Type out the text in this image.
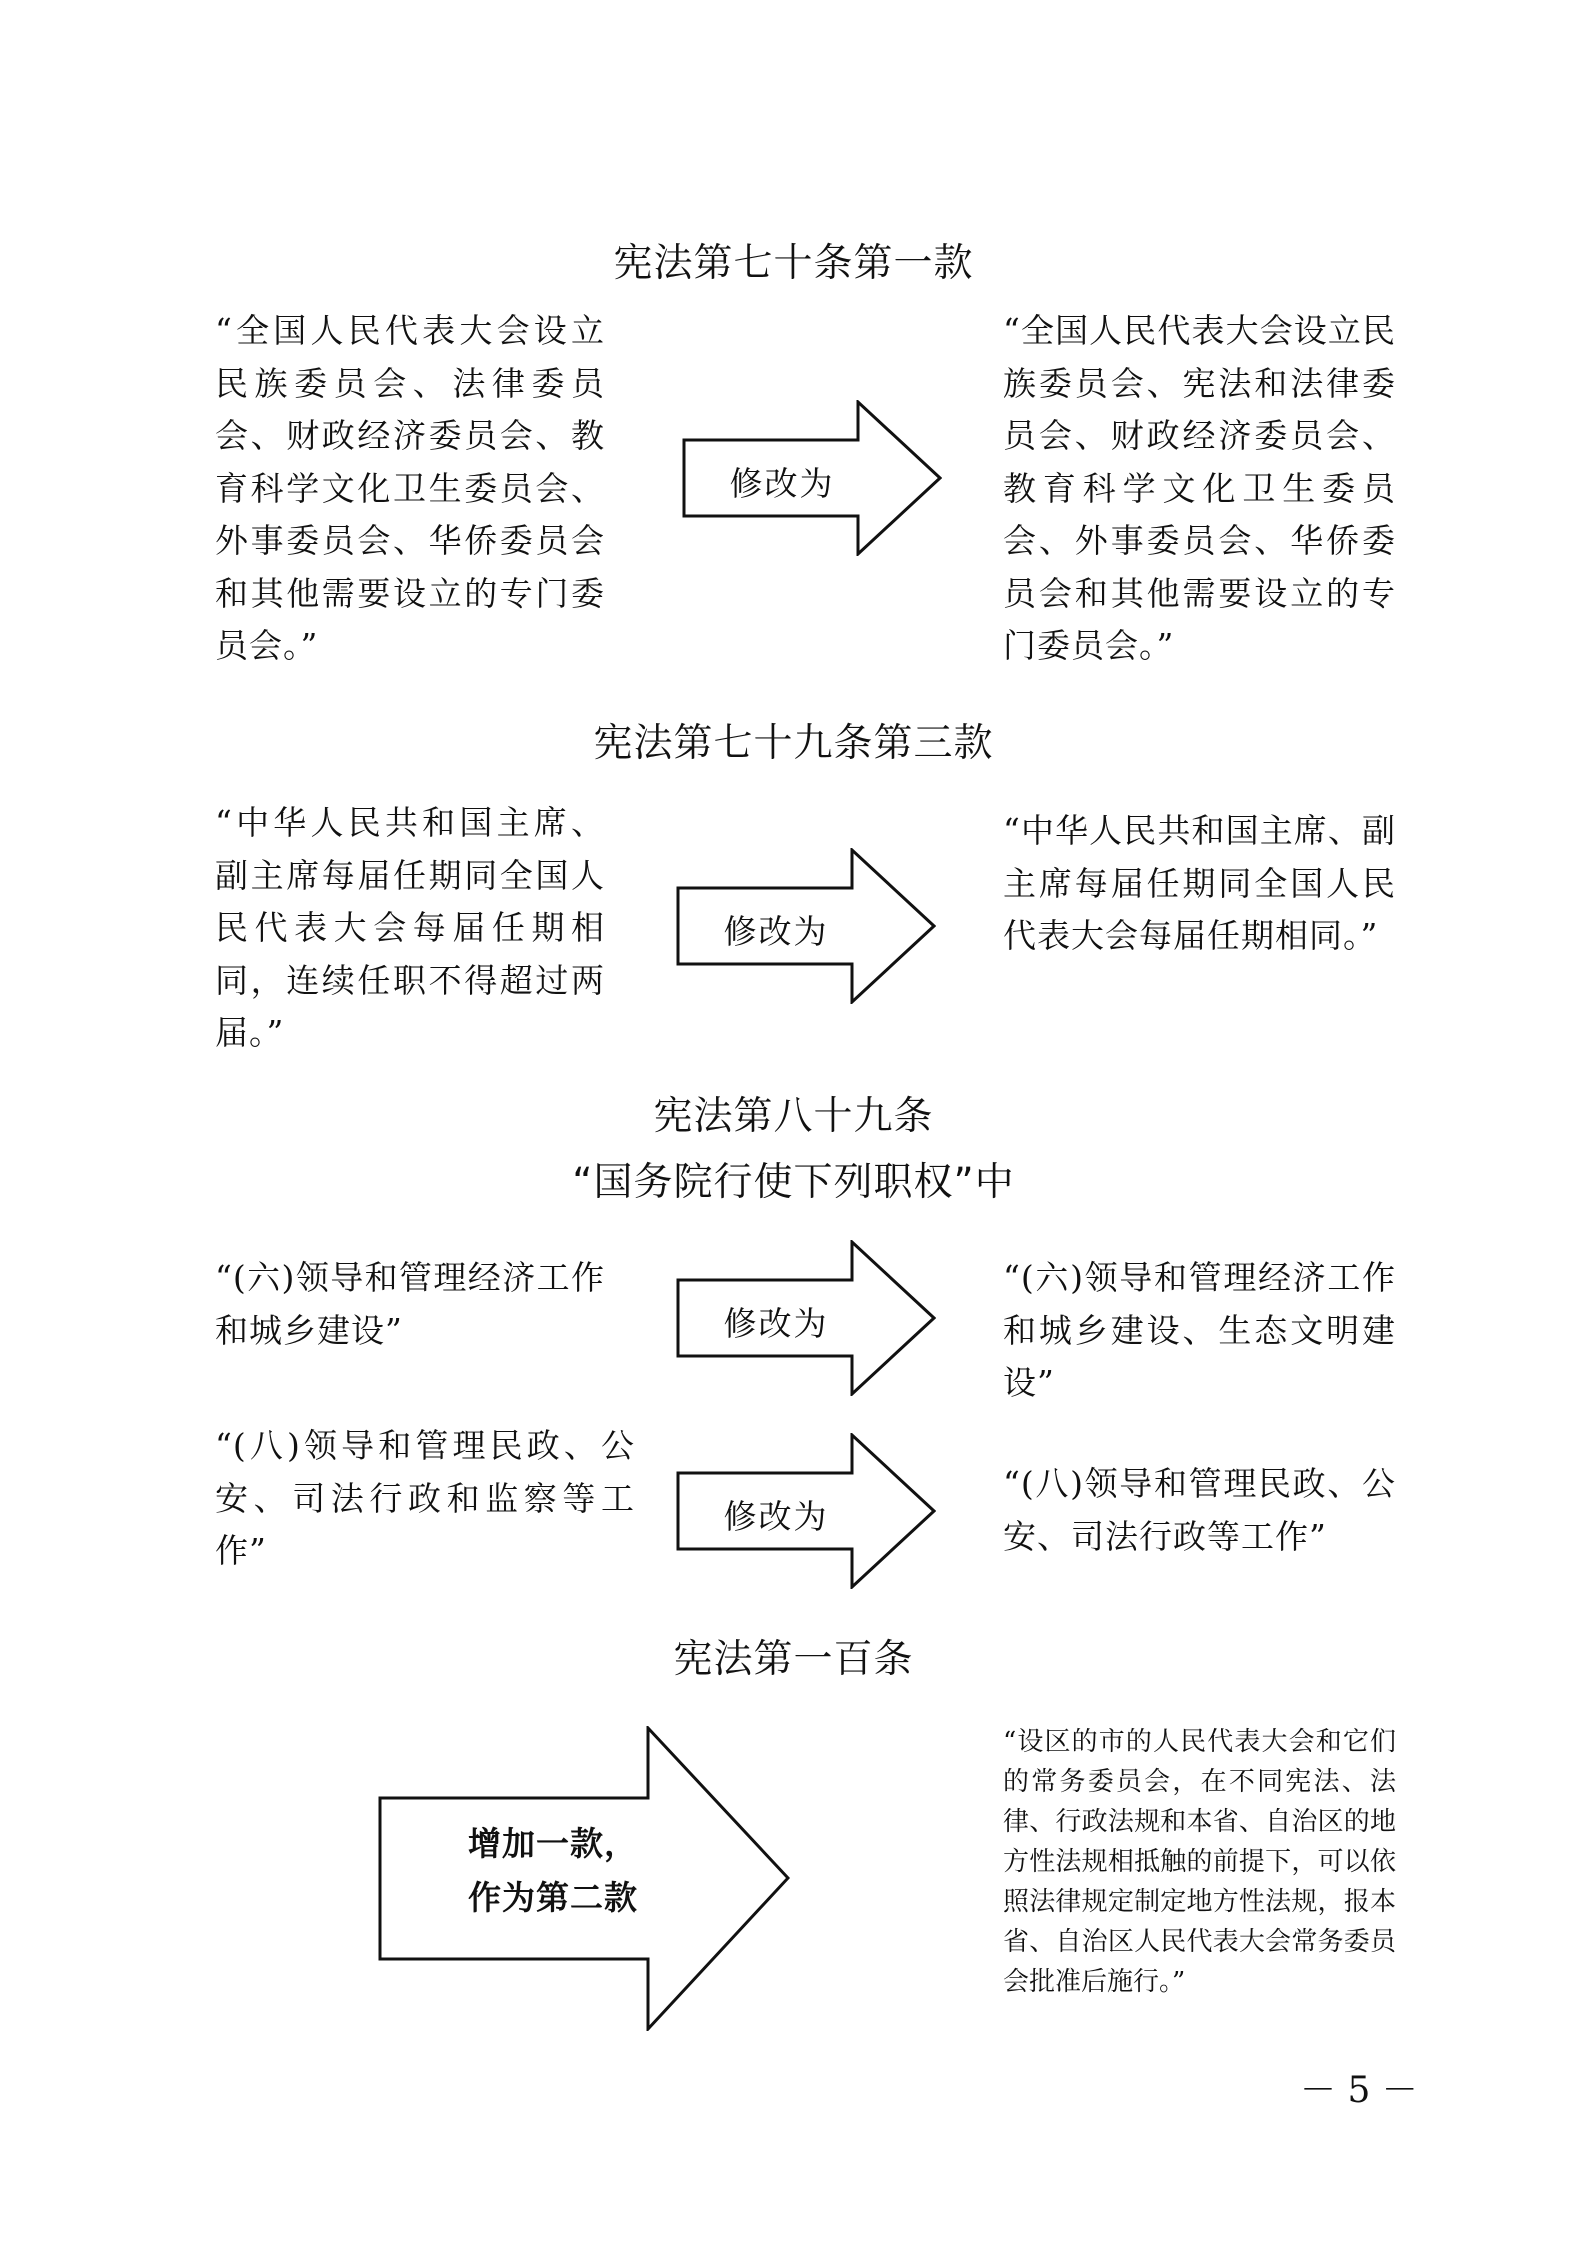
宪法第七十条第一款
“全国人民代表大会设立民族委员会、法律委员会、财政经济委员会、教育科学文化卫生委员会、外事委员会、华侨委员会和其他需要设立的专门委员会。”
修改为
“全国人民代表大会设立民族委员会、宪法和法律委员会、财政经济委员会、教育科学文化卫生委员会、外事委员会、华侨委员会和其他需要设立的专门委员会。”
宪法第七十九条第三款
“中华人民共和国主席、副主席每届任期同全国人民代表大会每届任期相同，连续任职不得超过两届。”
修改为
“中华人民共和国主席、副主席每届任期同全国人民代表大会每届任期相同。”
宪法第八十九条
“国务院行使下列职权”中
“(六)领导和管理经济工作和城乡建设”	修改为
“(六)领导和管理经济工作和城乡建设、生态文明建设”
“(八)领导和管理民政、公安、司法行政和监察等工作”
修改为
“(八)领导和管理民政、公安、司法行政等工作”
宪法第一百条
增加一款，
作为第二款
“设区的市的人民代表大会和它们的常务委员会，在不同宪法、法律、行政法规和本省、自治区的地方性法规相抵触的前提下，可以依照法律规定制定地方性法规，报本省、自治区人民代表大会常务委员会批准后施行。”
－ 5 －
